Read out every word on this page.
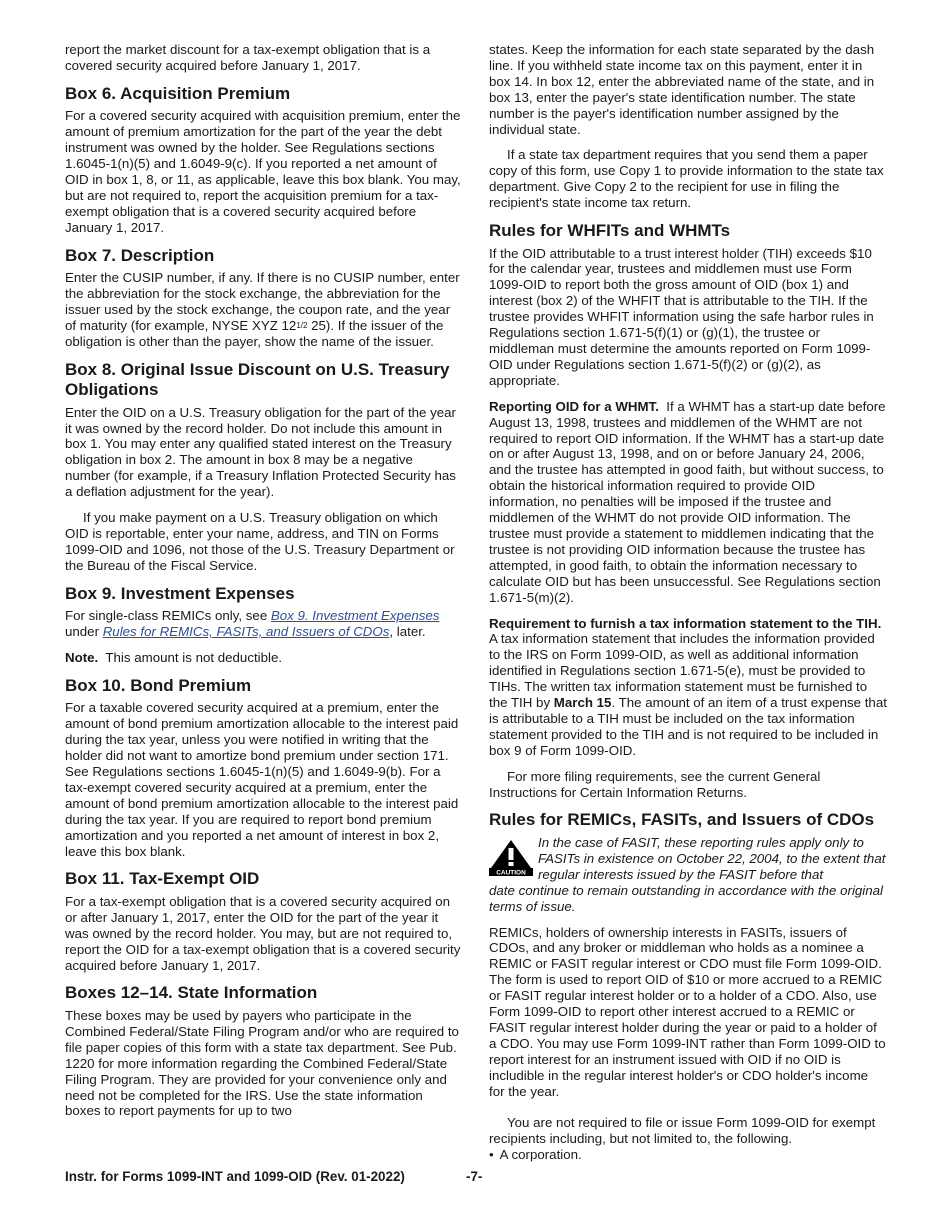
report the market discount for a tax-exempt obligation that is a covered security acquired before January 1, 2017.

Box 6. Acquisition Premium

For a covered security acquired with acquisition premium, enter the amount of premium amortization for the part of the year the debt instrument was owned by the holder. See Regulations sections 1.6045-1(n)(5) and 1.6049-9(c). If you reported a net amount of OID in box 1, 8, or 11, as applicable, leave this box blank. You may, but are not required to, report the acquisition premium for a tax-exempt obligation that is a covered security acquired before January 1, 2017.

Box 7. Description

Enter the CUSIP number, if any. If there is no CUSIP number, enter the abbreviation for the stock exchange, the abbreviation for the issuer used by the stock exchange, the coupon rate, and the year of maturity (for example, NYSE XYZ $12^{1/2}$ 25). If the issuer of the obligation is other than the payer, show the name of the issuer.

Box 8. Original Issue Discount on U.S. Treasury Obligations

Enter the OID on a U.S. Treasury obligation for the part of the year it was owned by the record holder. Do not include this amount in box 1. You may enter any qualified stated interest on the Treasury obligation in box 2. The amount in box 8 may be a negative number (for example, if a Treasury Inflation Protected Security has a deflation adjustment for the year).

If you make payment on a U.S. Treasury obligation on which OID is reportable, enter your name, address, and TIN on Forms 1099-OID and 1096, not those of the U.S. Treasury Department or the Bureau of the Fiscal Service.

Box 9. Investment Expenses

For single-class REMICs only, see Box 9. Investment Expenses under Rules for REMICs, FASITs, and Issuers of CDOs, later.

Note. This amount is not deductible.

Box 10. Bond Premium

For a taxable covered security acquired at a premium, enter the amount of bond premium amortization allocable to the interest paid during the tax year, unless you were notified in writing that the holder did not want to amortize bond premium under section 171. See Regulations sections 1.6045-1(n)(5) and 1.6049-9(b). For a tax-exempt covered security acquired at a premium, enter the amount of bond premium amortization allocable to the interest paid during the tax year. If you are required to report bond premium amortization and you reported a net amount of interest in box 2, leave this box blank.

Box 11. Tax-Exempt OID

For a tax-exempt obligation that is a covered security acquired on or after January 1, 2017, enter the OID for the part of the year it was owned by the record holder. You may, but are not required to, report the OID for a tax-exempt obligation that is a covered security acquired before January 1, 2017.

Boxes 12–14. State Information

These boxes may be used by payers who participate in the Combined Federal/State Filing Program and/or who are required to file paper copies of this form with a state tax department. See Pub. 1220 for more information regarding the Combined Federal/State Filing Program. They are provided for your convenience only and need not be completed for the IRS. Use the state information boxes to report payments for up to two

states. Keep the information for each state separated by the dash line. If you withheld state income tax on this payment, enter it in box 14. In box 12, enter the abbreviated name of the state, and in box 13, enter the payer's state identification number. The state number is the payer's identification number assigned by the individual state.

If a state tax department requires that you send them a paper copy of this form, use Copy 1 to provide information to the state tax department. Give Copy 2 to the recipient for use in filing the recipient's state income tax return.

Rules for WHFITs and WHMTs

If the OID attributable to a trust interest holder (TIH) exceeds $10 for the calendar year, trustees and middlemen must use Form 1099-OID to report both the gross amount of OID (box 1) and interest (box 2) of the WHFIT that is attributable to the TIH. If the trustee provides WHFIT information using the safe harbor rules in Regulations section 1.671-5(f)(1) or (g)(1), the trustee or middleman must determine the amounts reported on Form 1099-OID under Regulations section 1.671-5(f)(2) or (g)(2), as appropriate.

Reporting OID for a WHMT. If a WHMT has a start-up date before August 13, 1998, trustees and middlemen of the WHMT are not required to report OID information. If the WHMT has a start-up date on or after August 13, 1998, and on or before January 24, 2006, and the trustee has attempted in good faith, but without success, to obtain the historical information required to provide OID information, no penalties will be imposed if the trustee and middlemen of the WHMT do not provide OID information. The trustee must provide a statement to middlemen indicating that the trustee is not providing OID information because the trustee has attempted, in good faith, to obtain the information necessary to calculate OID but has been unsuccessful. See Regulations section 1.671-5(m)(2).

Requirement to furnish a tax information statement to the TIH.  A tax information statement that includes the information provided to the IRS on Form 1099-OID, as well as additional information identified in Regulations section 1.671-5(e), must be provided to TIHs. The written tax information statement must be furnished to the TIH by March 15. The amount of an item of a trust expense that is attributable to a TIH must be included on the tax information statement provided to the TIH and is not required to be included in box 9 of Form 1099-OID.

For more filing requirements, see the current General Instructions for Certain Information Returns.

Rules for REMICs, FASITs, and Issuers of CDOs
CAUTION
In the case of FASIT, these reporting rules apply only to FASITs in existence on October 22, 2004, to the extent that regular interests issued by the FASIT before that

date continue to remain outstanding in accordance with the original terms of issue.

REMICs, holders of ownership interests in FASITs, issuers of CDOs, and any broker or middleman who holds as a nominee a REMIC or FASIT regular interest or CDO must file Form 1099-OID. The form is used to report OID of $10 or more accrued to a REMIC or FASIT regular interest holder or to a holder of a CDO. Also, use Form 1099-OID to report other interest accrued to a REMIC or FASIT regular interest holder during the year or paid to a holder of a CDO. You may use Form 1099-INT rather than Form 1099-OID to report interest for an instrument issued with OID if no OID is includible in the regular interest holder's or CDO holder's income for the year.

You are not required to file or issue Form 1099-OID for exempt recipients including, but not limited to, the following.

• A corporation.
Instr. for Forms 1099-INT and 1099-OID (Rev. 01-2022)	-7-
